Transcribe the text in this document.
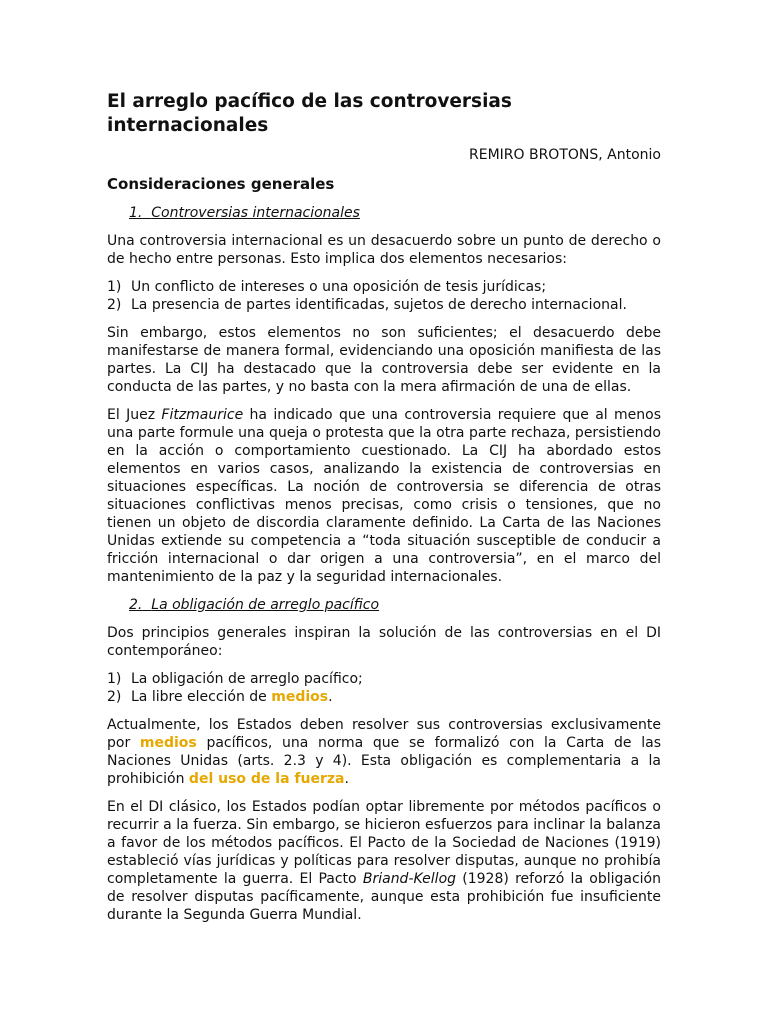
El arreglo pacífico de las controversias internacionales
REMIRO BROTONS, Antonio
Consideraciones generales
1. Controversias internacionales

Una controversia internacional es un desacuerdo sobre un punto de derecho o de hecho entre personas. Esto implica dos elementos necesarios:

1) Un conflicto de intereses o una oposición de tesis jurídicas;
2) La presencia de partes identificadas, sujetos de derecho internacional.

Sin embargo, estos elementos no son suficientes; el desacuerdo debe manifestarse de manera formal, evidenciando una oposición manifiesta de las partes. La CIJ ha destacado que la controversia debe ser evidente en la conducta de las partes, y no basta con la mera afirmación de una de ellas.

El Juez Fitzmaurice ha indicado que una controversia requiere que al menos una parte formule una queja o protesta que la otra parte rechaza, persistiendo en la acción o comportamiento cuestionado. La CIJ ha abordado estos elementos en varios casos, analizando la existencia de controversias en situaciones específicas. La noción de controversia se diferencia de otras situaciones conflictivas menos precisas, como crisis o tensiones, que no tienen un objeto de discordia claramente definido. La Carta de las Naciones Unidas extiende su competencia a “toda situación susceptible de conducir a fricción internacional o dar origen a una controversia”, en el marco del mantenimiento de la paz y la seguridad internacionales.

2. La obligación de arreglo pacífico

Dos principios generales inspiran la solución de las controversias en el DI contemporáneo:

1) La obligación de arreglo pacífico;
2) La libre elección de medios.

Actualmente, los Estados deben resolver sus controversias exclusivamente por medios pacíficos, una norma que se formalizó con la Carta de las Naciones Unidas (arts. 2.3 y 4). Esta obligación es complementaria a la prohibición del uso de la fuerza.

En el DI clásico, los Estados podían optar libremente por métodos pacíficos o recurrir a la fuerza. Sin embargo, se hicieron esfuerzos para inclinar la balanza a favor de los métodos pacíficos. El Pacto de la Sociedad de Naciones (1919) estableció vías jurídicas y políticas para resolver disputas, aunque no prohibía completamente la guerra. El Pacto Briand-Kellog (1928) reforzó la obligación de resolver disputas pacíficamente, aunque esta prohibición fue insuficiente durante la Segunda Guerra Mundial.
